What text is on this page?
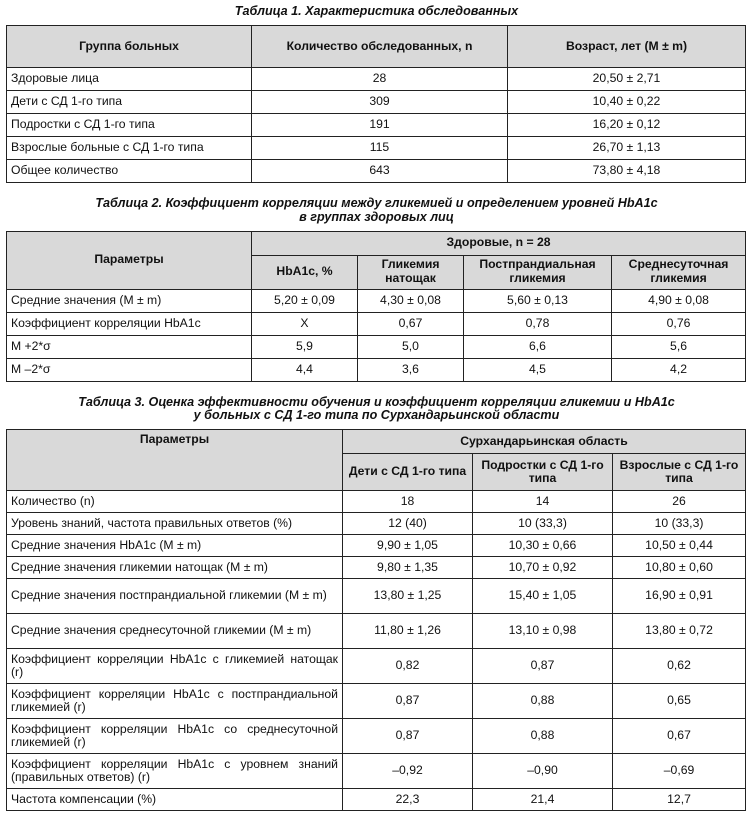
Таблица 1. Характеристика обследованных
Группа больных	Количество обследованных, n	Возраст, лет (М ± m)
Здоровые лица	28	20,50 ± 2,71
Дети с СД 1-го типа	309	10,40 ± 0,22
Подростки с СД 1-го типа	191	16,20 ± 0,12
Взрослые больные с СД 1-го типа	115	26,70 ± 1,13
Общее количество	643	73,80 ± 4,18
Таблица 2. Коэффициент корреляции между гликемией и определением уровней HbA1c
в группах здоровых лиц
Параметры	Здоровые, n = 28			
	HbA1c, %	Гликемия натощак	Постпрандиальная гликемия	Среднесуточная гликемия
Средние значения (М ± m)	5,20 ± 0,09	4,30 ± 0,08	5,60 ± 0,13	4,90 ± 0,08
Коэффициент корреляции HbA1c	X	0,67	0,78	0,76
M +2*σ	5,9	5,0	6,6	5,6
M –2*σ	4,4	3,6	4,5	4,2
Таблица 3. Оценка эффективности обучения и коэффициент корреляции гликемии и HbA1c
у больных с СД 1-го типа по Сурхандарьинской области
Параметры	Сурхандарьинская область		
	Дети с СД 1-го типа	Подростки с СД 1-го типа	Взрослые с СД 1-го типа
Количество (n)	18	14	26
Уровень знаний, частота правильных ответов (%)	12 (40)	10 (33,3)	10 (33,3)
Средние значения HbA1c (М ± m)	9,90 ± 1,05	10,30 ± 0,66	10,50 ± 0,44
Средние значения гликемии натощак (М ± m)	9,80 ± 1,35	10,70 ± 0,92	10,80 ± 0,60
Средние значения постпрандиальной гликемии (М ± m)	13,80 ± 1,25	15,40 ± 1,05	16,90 ± 0,91
Средние значения среднесуточной гликемии (М ± m)	11,80 ± 1,26	13,10 ± 0,98	13,80 ± 0,72
Коэффициент корреляции HbA1c с гликемией натощак (r)	0,82	0,87	0,62
Коэффициент корреляции HbA1c с постпрандиальной гликемией (r)	0,87	0,88	0,65
Коэффициент корреляции HbA1c со среднесуточной гликемией (r)	0,87	0,88	0,67
Коэффициент корреляции HbA1c с уровнем знаний (правильных ответов) (r)	–0,92	–0,90	–0,69
Частота компенсации (%)	22,3	21,4	12,7
